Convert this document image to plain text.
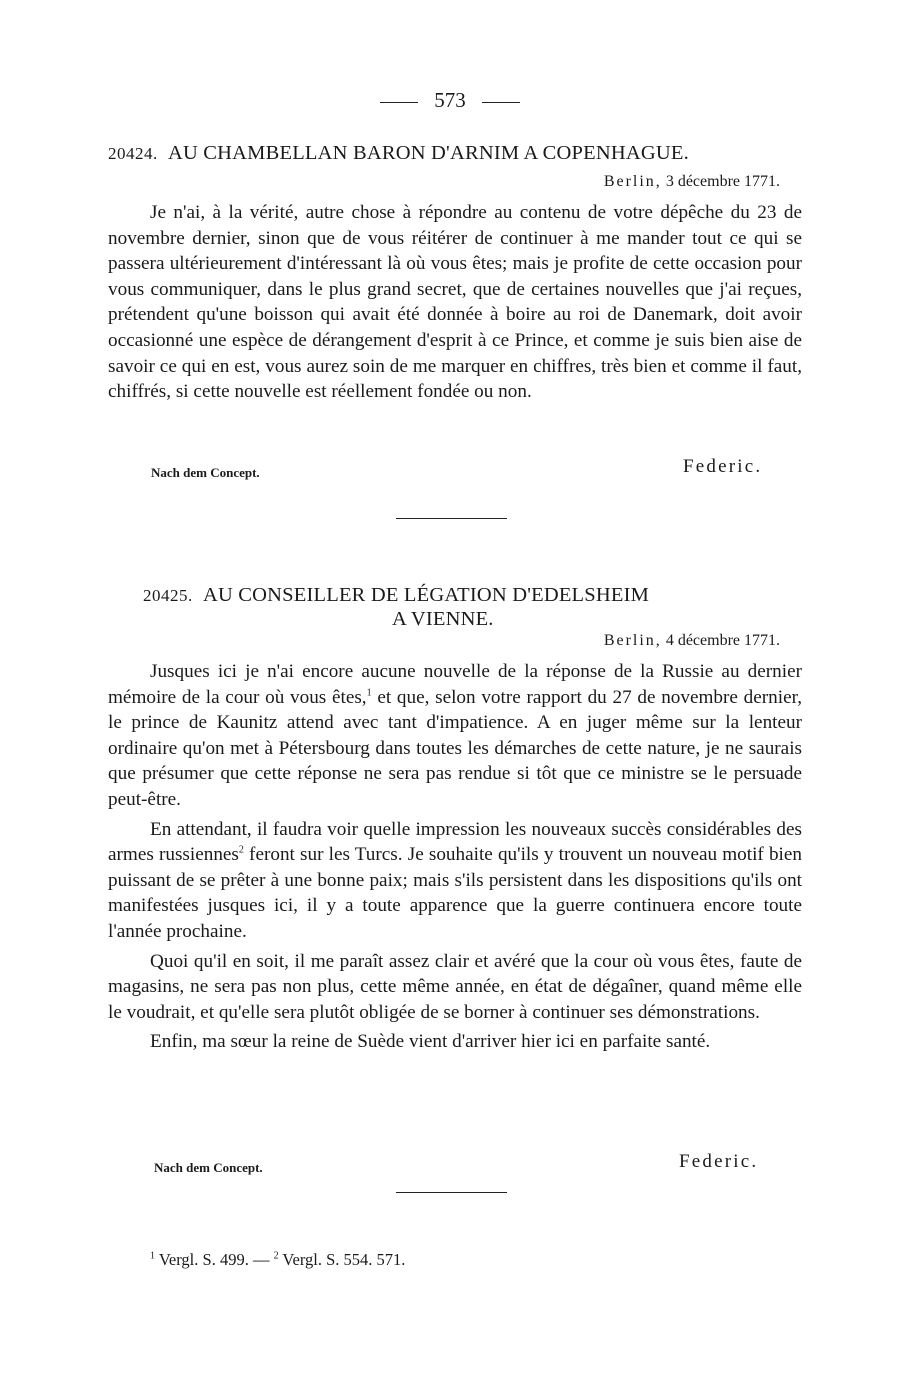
573
20424. AU CHAMBELLAN BARON D'ARNIM A COPENHAGUE.
Berlin, 3 décembre 1771.

Je n'ai, à la vérité, autre chose à répondre au contenu de votre dépêche du 23 de novembre dernier, sinon que de vous réitérer de continuer à me mander tout ce qui se passera ultérieurement d'intéressant là où vous êtes; mais je profite de cette occasion pour vous communiquer, dans le plus grand secret, que de certaines nouvelles que j'ai reçues, prétendent qu'une boisson qui avait été donnée à boire au roi de Danemark, doit avoir occasionné une espèce de dérangement d'esprit à ce Prince, et comme je suis bien aise de savoir ce qui en est, vous aurez soin de me marquer en chiffres, très bien et comme il faut, chiffrés, si cette nouvelle est réellement fondée ou non.

Nach dem Concept.	Federic.
20425. AU CONSEILLER DE LÉGATION D'EDELSHEIM
A VIENNE.
Berlin, 4 décembre 1771.

Jusques ici je n'ai encore aucune nouvelle de la réponse de la Russie au dernier mémoire de la cour où vous êtes,$^1$ et que, selon votre rapport du 27 de novembre dernier, le prince de Kaunitz attend avec tant d'impatience. A en juger même sur la lenteur ordinaire qu'on met à Pétersbourg dans toutes les démarches de cette nature, je ne saurais que présumer que cette réponse ne sera pas rendue si tôt que ce ministre se le persuade peut-être.

En attendant, il faudra voir quelle impression les nouveaux succès considérables des armes russiennes$^2$ feront sur les Turcs. Je souhaite qu'ils y trouvent un nouveau motif bien puissant de se prêter à une bonne paix; mais s'ils persistent dans les dispositions qu'ils ont manifestées jusques ici, il y a toute apparence que la guerre continuera encore toute l'année prochaine.

Quoi qu'il en soit, il me paraît assez clair et avéré que la cour où vous êtes, faute de magasins, ne sera pas non plus, cette même année, en état de dégaîner, quand même elle le voudrait, et qu'elle sera plutôt obligée de se borner à continuer ses démonstrations.

Enfin, ma sœur la reine de Suède vient d'arriver hier ici en parfaite santé.

Nach dem Concept.	Federic.
$^1$ Vergl. S. 499. — $^2$ Vergl. S. 554. 571.
